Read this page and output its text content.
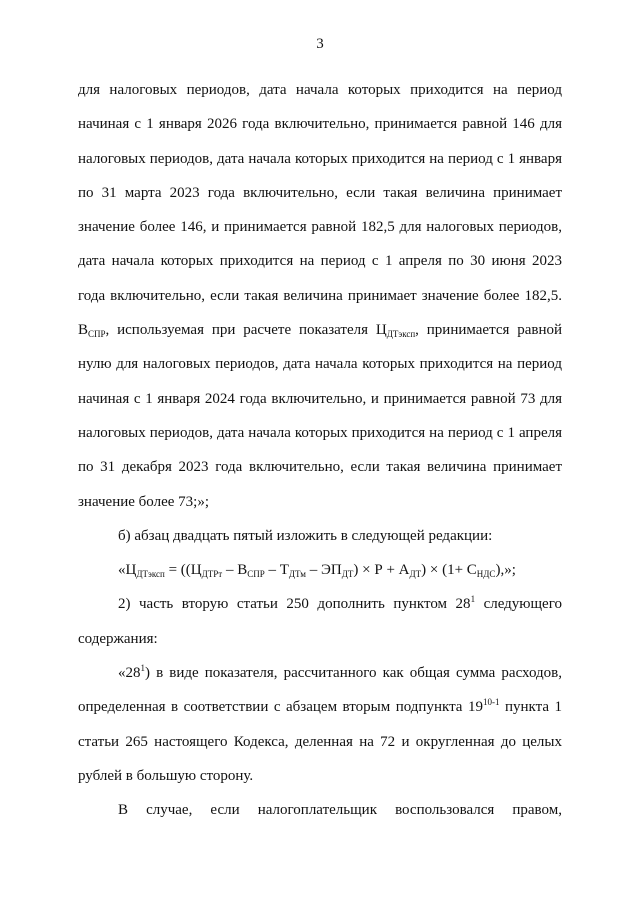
3

для налоговых периодов, дата начала которых приходится на период
начиная с 1 января 2026 года включительно, принимается равной 146 для
налоговых периодов, дата начала которых приходится на период с 1 января
по 31 марта 2023 года включительно, если такая величина принимает
значение более 146, и принимается равной 182,5 для налоговых периодов,
дата начала которых приходится на период с 1 апреля по 30 июня 2023
года включительно, если такая величина принимает значение более 182,5.

$В_{СПР}$, используемая при расчете показателя $Ц_{ДТэксп}$, принимается равной
нулю для налоговых периодов, дата начала которых приходится на период
начиная с 1 января 2024 года включительно, и принимается равной 73 для
налоговых периодов, дата начала которых приходится на период с 1 апреля
по 31 декабря 2023 года включительно, если такая величина принимает
значение более 73;»;

б) абзац двадцать пятый изложить в следующей редакции:

«$Ц_{ДТэксп} = ((Ц_{ДТРт} - В_{СПР} - Т_{ДТм} - ЭП_{ДТ}) \times Р + А_{ДТ}) \times (1+ С_{НДС})$,»;

2) часть вторую статьи 250 дополнить пунктом $28^1$ следующего
содержания:

«$28^1$) в виде показателя, рассчитанного как общая сумма расходов,
определенная в соответствии с абзацем вторым подпункта 19$^{10-1}$ пункта 1
статьи 265 настоящего Кодекса, деленная на 72 и округленная до целых
рублей в большую сторону.

В случае, если налогоплательщик воспользовался правом,
